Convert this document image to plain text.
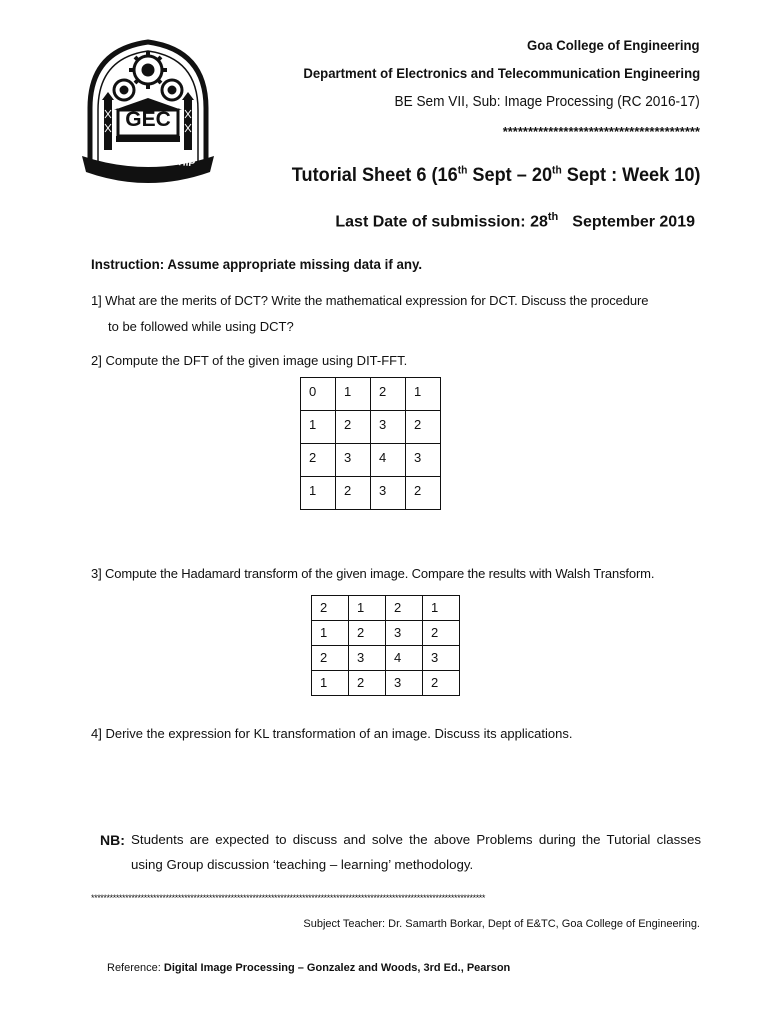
GEC
WORK IS WORSHIP
Goa College of Engineering
Department of Electronics and Telecommunication Engineering
BE Sem VII, Sub: Image Processing (RC 2016-17)
***************************************
Tutorial Sheet 6 (16th Sept – 20th Sept : Week 10)
Last Date of submission: 28th September 2019
Instruction: Assume appropriate missing data if any.
1] What are the merits of DCT? Write the mathematical expression for DCT. Discuss the procedure
to be followed while using DCT?
2] Compute the DFT of the given image using DIT-FFT.
0	1	2	1
1	2	3	2
2	3	4	3
1	2	3	2
3] Compute the Hadamard transform of the given image. Compare the results with Walsh Transform.
2	1	2	1
1	2	3	2
2	3	4	3
1	2	3	2
4] Derive the expression for KL transformation of an image. Discuss its applications.
NB: Students are expected to discuss and solve the above Problems during the Tutorial classes
using Group discussion ‘teaching – learning’ methodology.
*******************************************************************************************************************************
Subject Teacher: Dr. Samarth Borkar, Dept of E&TC, Goa College of Engineering.
Reference: Digital Image Processing – Gonzalez and Woods, 3rd Ed., Pearson
